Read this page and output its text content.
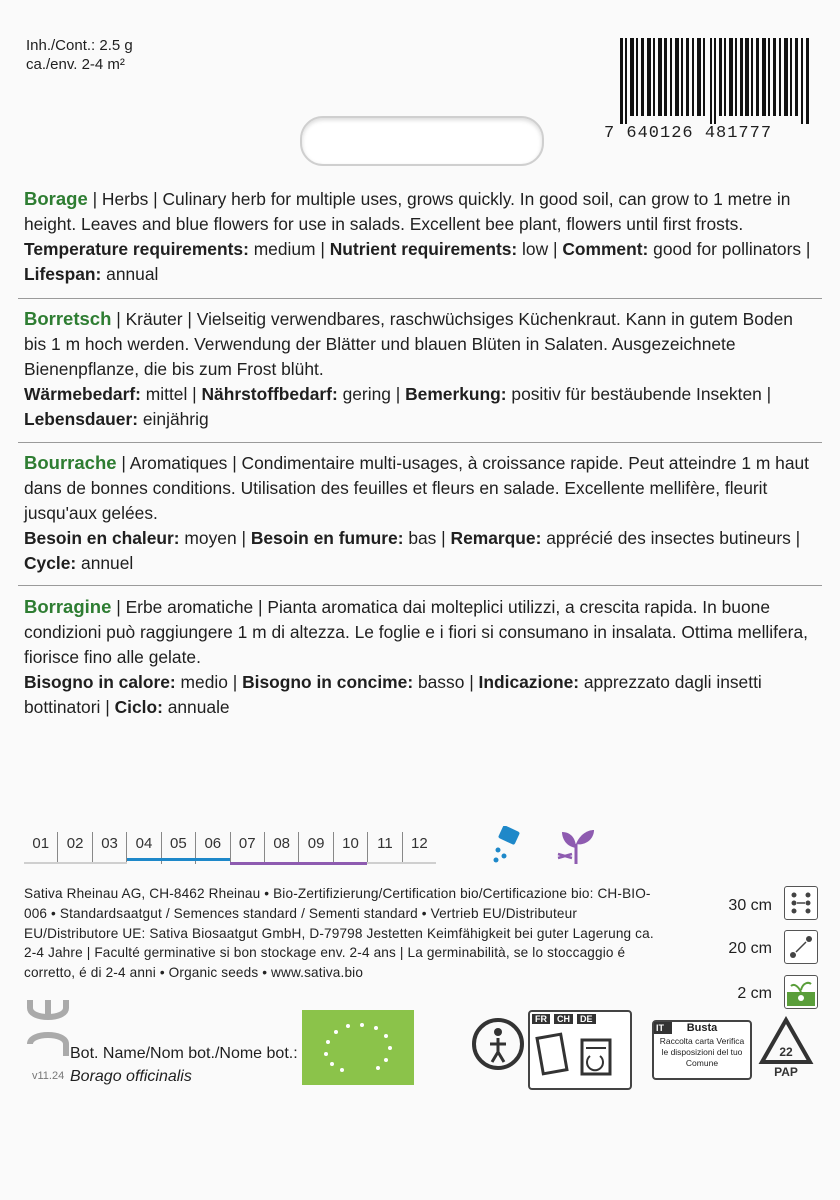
Inh./Cont.: 2.5 g
ca./env. 2-4 m²
7 640126 481777

Borage | Herbs | Culinary herb for multiple uses, grows quickly. In good soil, can grow to 1 metre in height. Leaves and blue flowers for use in salads. Excellent bee plant, flowers until first frosts.

Temperature requirements: medium | Nutrient requirements: low | Comment: good for pollinators | Lifespan: annual

Borretsch | Kräuter | Vielseitig verwendbares, raschwüchsiges Küchenkraut. Kann in gutem Boden bis 1 m hoch werden. Verwendung der Blätter und blauen Blüten in Salaten. Ausgezeichnete Bienenpflanze, die bis zum Frost blüht.

Wärmebedarf: mittel | Nährstoffbedarf: gering | Bemerkung: positiv für bestäubende Insekten | Lebensdauer: einjährig

Bourrache | Aromatiques | Condimentaire multi-usages, à croissance rapide. Peut atteindre 1 m haut dans de bonnes conditions. Utilisation des feuilles et fleurs en salade. Excellente mellifère, fleurit jusqu'aux gelées.

Besoin en chaleur: moyen | Besoin en fumure: bas | Remarque: apprécié des insectes butineurs | Cycle: annuel

Borragine | Erbe aromatiche | Pianta aromatica dai molteplici utilizzi, a crescita rapida. In buone condizioni può raggiungere 1 m di altezza. Le foglie e i fiori si consumano in insalata. Ottima mellifera, fiorisce fino alle gelate.

Bisogno in calore: medio | Bisogno in concime: basso | Indicazione: apprezzato dagli insetti bottinatori | Ciclo: annuale

01	02	03	04	05	06	07	08	09	10	11	12
Sativa Rheinau AG, CH-8462 Rheinau • Bio-Zertifizierung/Certification bio/Certificazione bio: CH-BIO-006 • Standardsaatgut / Semences standard / Sementi standard • Vertrieb EU/Distributeur EU/Distributore UE: Sativa Biosaatgut GmbH, D-79798 Jestetten Keimfähigkeit bei guter Lagerung ca. 2-4 Jahre | Faculté germinative si bon stockage env. 2-4 ans | La germinabilità, se lo stoccaggio é corretto, é di 2-4 anni • Organic seeds • www.sativa.bio
30 cm
20 cm
2 cm
Bot. Name/Nom bot./Nome bot.:
Borago officinalis
v11.24
FR	CH	DE
IT	Busta
Raccolta carta Verifica le disposizioni del tuo Comune
22
PAP
